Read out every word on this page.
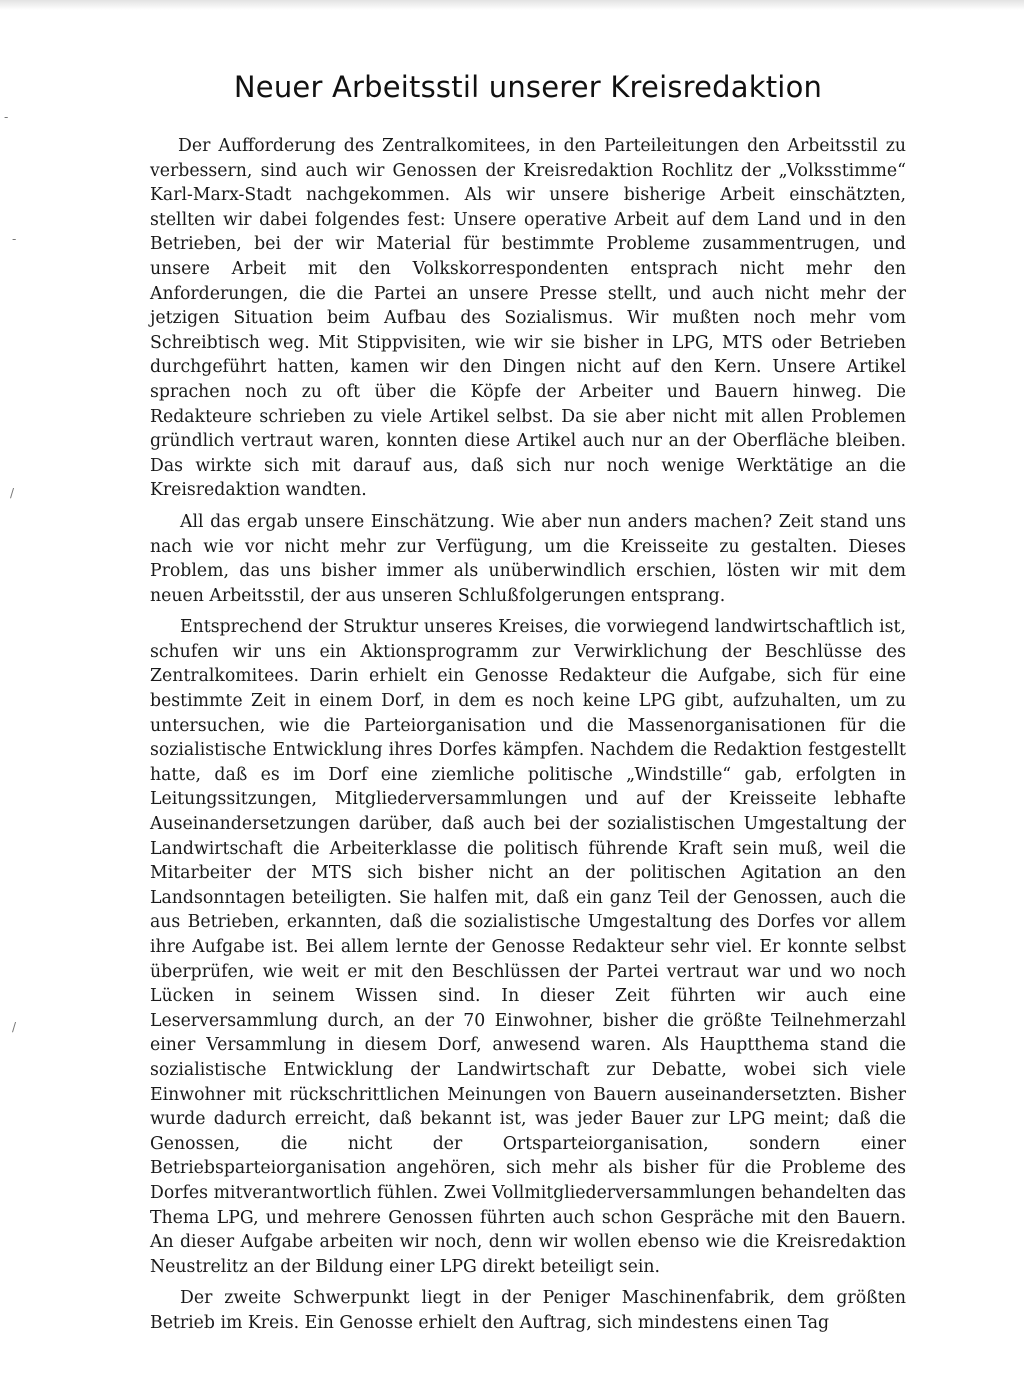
-
-
/
/
Neuer Arbeitsstil unserer Kreisredaktion

Der Aufforderung des Zentralkomitees, in den Parteileitungen den Arbeitsstil zu verbessern, sind auch wir Genossen der Kreisredaktion Rochlitz der „Volksstimme“ Karl-Marx-Stadt nachgekommen. Als wir unsere bisherige Arbeit einschätzten, stellten wir dabei folgendes fest: Unsere operative Arbeit auf dem Land und in den Betrieben, bei der wir Material für bestimmte Probleme zusammentrugen, und unsere Arbeit mit den Volkskorrespondenten entsprach nicht mehr den Anforderungen, die die Partei an unsere Presse stellt, und auch nicht mehr der jetzigen Situation beim Aufbau des Sozialismus. Wir mußten noch mehr vom Schreibtisch weg. Mit Stippvisiten, wie wir sie bisher in LPG, MTS oder Betrieben durchgeführt hatten, kamen wir den Dingen nicht auf den Kern. Unsere Artikel sprachen noch zu oft über die Köpfe der Arbeiter und Bauern hinweg. Die Redakteure schrieben zu viele Artikel selbst. Da sie aber nicht mit allen Problemen gründlich vertraut waren, konnten diese Artikel auch nur an der Oberfläche bleiben. Das wirkte sich mit darauf aus, daß sich nur noch wenige Werktätige an die Kreisredaktion wandten.

All das ergab unsere Einschätzung. Wie aber nun anders machen? Zeit stand uns nach wie vor nicht mehr zur Verfügung, um die Kreisseite zu gestalten. Dieses Problem, das uns bisher immer als unüberwindlich erschien, lösten wir mit dem neuen Arbeitsstil, der aus unseren Schlußfolgerungen entsprang.

Entsprechend der Struktur unseres Kreises, die vorwiegend landwirtschaftlich ist, schufen wir uns ein Aktionsprogramm zur Verwirklichung der Beschlüsse des Zentralkomitees. Darin erhielt ein Genosse Redakteur die Aufgabe, sich für eine bestimmte Zeit in einem Dorf, in dem es noch keine LPG gibt, aufzuhalten, um zu untersuchen, wie die Parteiorganisation und die Massenorganisationen für die sozialistische Entwicklung ihres Dorfes kämpfen. Nachdem die Redaktion festgestellt hatte, daß es im Dorf eine ziemliche politische „Windstille“ gab, erfolgten in Leitungssitzungen, Mitgliederversammlungen und auf der Kreisseite lebhafte Auseinandersetzungen darüber, daß auch bei der sozialistischen Umgestaltung der Landwirtschaft die Arbeiterklasse die politisch führende Kraft sein muß, weil die Mitarbeiter der MTS sich bisher nicht an der politischen Agitation an den Landsonntagen beteiligten. Sie halfen mit, daß ein ganz Teil der Genossen, auch die aus Betrieben, erkannten, daß die sozialistische Umgestaltung des Dorfes vor allem ihre Aufgabe ist. Bei allem lernte der Genosse Redakteur sehr viel. Er konnte selbst überprüfen, wie weit er mit den Beschlüssen der Partei vertraut war und wo noch Lücken in seinem Wissen sind. In dieser Zeit führten wir auch eine Leserversammlung durch, an der 70 Einwohner, bisher die größte Teilnehmerzahl einer Versammlung in diesem Dorf, anwesend waren. Als Hauptthema stand die sozialistische Entwicklung der Landwirtschaft zur Debatte, wobei sich viele Einwohner mit rückschrittlichen Meinungen von Bauern auseinandersetzten. Bisher wurde dadurch erreicht, daß bekannt ist, was jeder Bauer zur LPG meint; daß die Genossen, die nicht der Ortsparteiorganisation, sondern einer Betriebsparteiorganisation angehören, sich mehr als bisher für die Probleme des Dorfes mitverantwortlich fühlen. Zwei Vollmitgliederversammlungen behandelten das Thema LPG, und mehrere Genossen führten auch schon Gespräche mit den Bauern. An dieser Aufgabe arbeiten wir noch, denn wir wollen ebenso wie die Kreisredaktion Neustrelitz an der Bildung einer LPG direkt beteiligt sein.

Der zweite Schwerpunkt liegt in der Peniger Maschinenfabrik, dem größten Betrieb im Kreis. Ein Genosse erhielt den Auftrag, sich mindestens einen Tag
